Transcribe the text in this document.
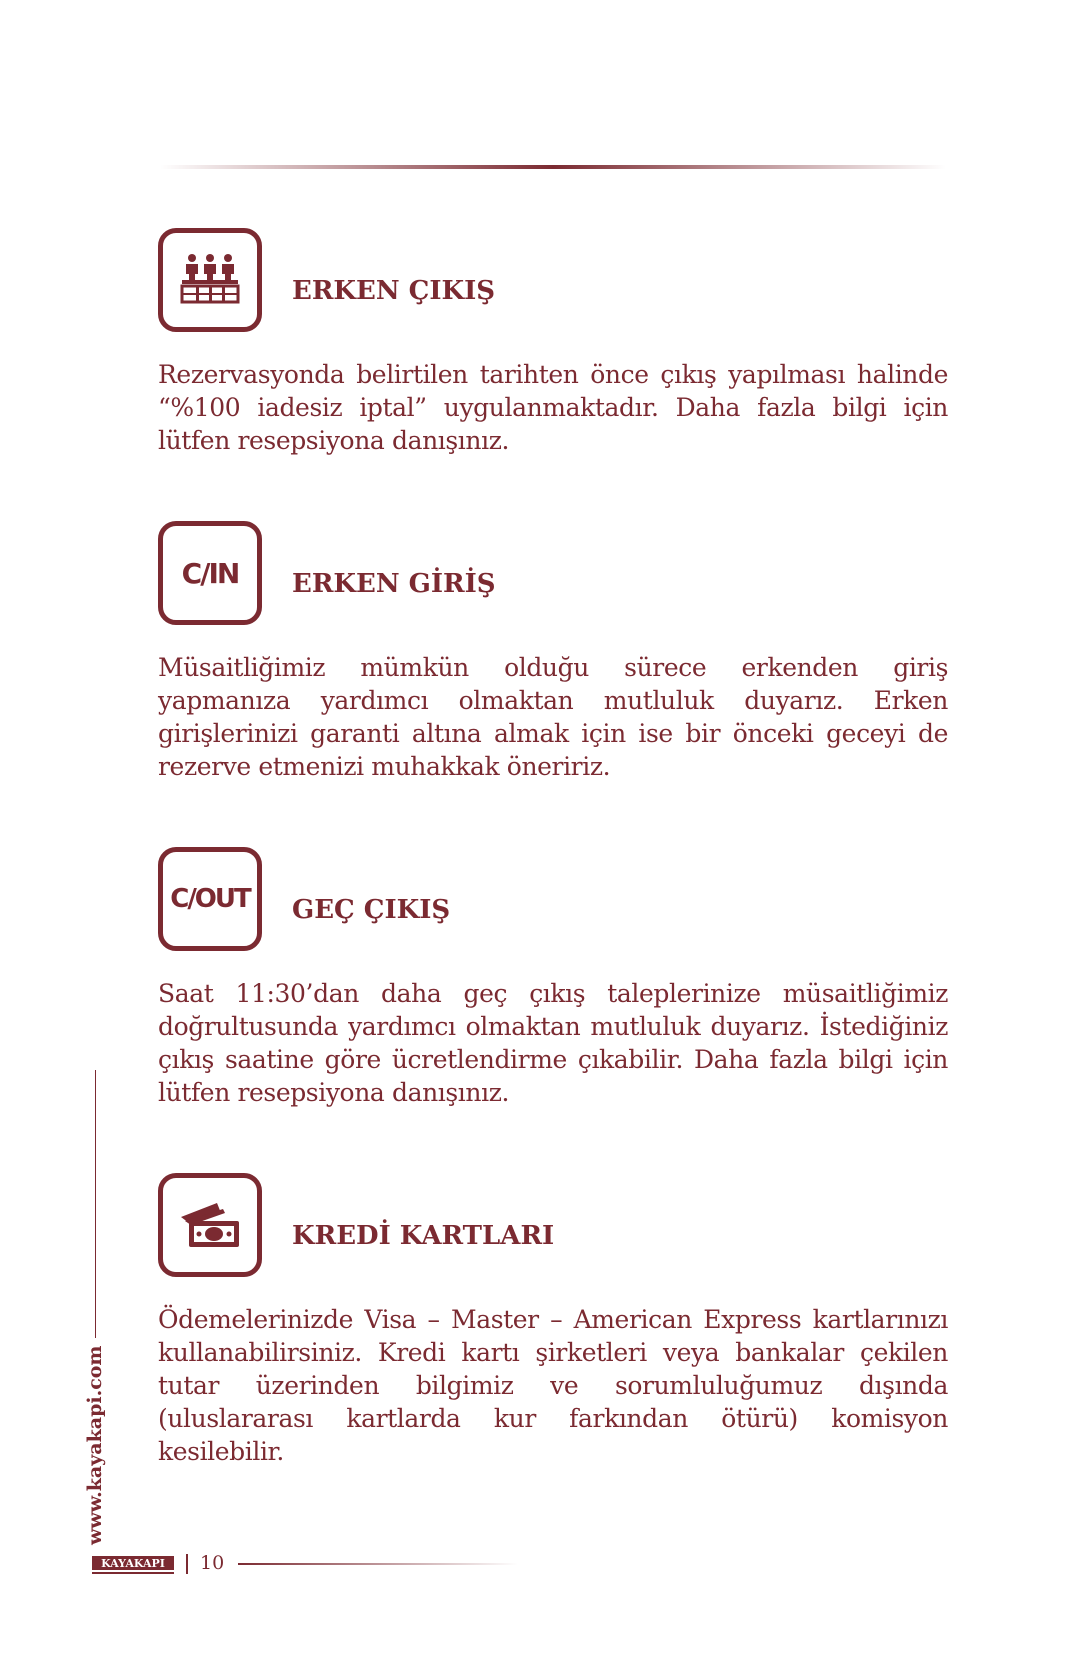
ERKEN ÇIKIŞ

Rezervasyonda belirtilen tarihten önce çıkış yapılması halinde “%100 iadesiz iptal” uygulanmaktadır. Daha fazla bilgi için lütfen resepsiyona danışınız.

C/IN ERKEN GİRİŞ

Müsaitliğimiz mümkün olduğu sürece erkenden giriş yapmanıza yardımcı olmaktan mutluluk duyarız. Erken girişlerinizi garanti altına almak için ise bir önceki geceyi de rezerve etmenizi muhakkak öneririz.

C/OUT GEÇ ÇIKIŞ

Saat 11:30’dan daha geç çıkış taleplerinize müsaitliğimiz doğrultusunda yardımcı olmaktan mutluluk duyarız. İstediğiniz çıkış saatine göre ücretlendirme çıkabilir. Daha fazla bilgi için lütfen resepsiyona danışınız.

KREDİ KARTLARI

Ödemelerinizde Visa – Master – American Express kartlarınızı kullanabilirsiniz. Kredi kartı şirketleri veya bankalar çekilen tutar üzerinden bilgimiz ve sorumluluğumuz dışında (uluslararası kartlarda kur farkından ötürü) komisyon kesilebilir.

www.kayakapi.com
KAYAKAPI 10
